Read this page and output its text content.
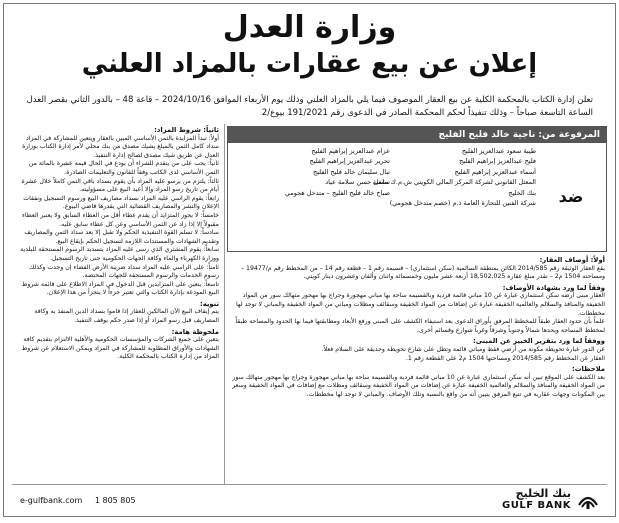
وزارة العدل
إعلان عن بيع عقارات بالمزاد العلني
تعلن إدارة الكتاب بالمحكمة الكلية عن بيع العقار الموصوف فيما يلي بالمزاد العلني وذلك يوم الأربعاء الموافق 2024/10/16 – قاعة 48 – بالدور الثاني بقصر العدل الساعة التاسعة صباحاً – وذلك تنفيذاً لحكم المحكمة الصادر في الدعوى رقم 191/2021 بيوع/2
المرفوعة من: ناجية خالد فليح الفليج
ضد
طيبة سعود عبدالعزيز الفليج
فليح عبدالعزيز إبراهيم الفليج
أسماء عبدالعزيز إبراهيم الفليج
المعثل القانوني لشركة المركز المالي الكويتي ش.م.ك مقفلة
بنك الخليج
شركة الفنين للتجارة العامة ذ.م (خصم متدخل هجومي)
عزام عبدالعزيز إبراهيم الفليج
تحرير عبدالعزيز إبراهيم الفليج
نبال سليمان خالد فليح الفليج
سلمى حسن سلامة عياد
صباح خالد فليح الفليج – متدخل هجومي
أولاً: أوصاف العقار:
يقع العقار الوثيقة رقم 2014/585 الكائن بمنطقة السالمية (سكن استثماري) – قسيمة رقم 1 – قطعة رقم 14 – من المخطط رقم م/19477 – ومساحته 1504 م2 – تقدر مبلغ عقاره 18,502,025 أربعة عشر مليون وخمسمائة واثنان وألفان وعشرون دينار كويتي.
وفقاً لما ورد بشهادة الأوصاف:
العقار مبنى أرضه سكن استثماري عبارة عن 10 مباني قائمة فردية وبالقسيمة ساحة بها مباني مهجورة وجراج بها مهجور متهالك سور من المواد الخفيفة والمنافذ والسلالم والعالمية الخفيفة عبارة عن إضافات من المواد الخفيفة وسقائف ومظلات ومباني من المواد الخفيفة والمباني لا توجد لها مخططات.
علماً بأن حدود العقار طبقاً للمخطط المرفق بأوراق الدعوى بعد استيفاء الكشف على المبنى ورفع الأبعاد ومطابقتها فيما بها الحدود والمساحة طبقاً لمخطط المساحة ويحدها شمالاً وجنوباً وشرقاً وغرباً شوارع وقسائم أخرى.
ووفقاً لما ورد بتقرير الخبير عن المبنى:
عن الدور عبارة تحويطة مكونة من أرضي فقط ومباني قائمة وتطل على شارع تحويطة وحديقة على السلام فعلاً.
العقار عن المخطط رقم 2014/585 ومساحتها 1504 م2 على القطعة رقم 1.
ملاحظات:
بعد الكشف على الموقع تبين أنه سكن استثماري عبارة عن 10 مباني قائمة فردية وبالقسيمة ساحة بها مباني مهجورة وجراج بها مهجور متهالك سور من المواد الخفيفة والمنافذ والسلالم والعالمية الخفيفة عبارة عن إضافات من المواد الخفيفة وسقائف ومظلات مع إضافات في المواد الخفيفة وسعر بين المكونات وجهات عقارية في تتبع المرفق يتبين أنه من واقع بالنسبة وتلك الأوصاف. والمباني لا توجد لها مخططات.
ثانياً: شروط المزاد:
أولاً: تبدأ المزايدة بالثمن الأساسي المبين بالعقار ويتعين للمشاركة في المزاد سداد كامل الثمن بالمبلغ بشيك مصدق من بنك محلي لأمر إدارة الكتاب بوزارة العدل عن طريق شيك مصدق لصالح إدارة التنفيذ.
ثانياً: يجب على من يتقدم للشراء أن يودع في الحال قيمة عشرة بالمائة من الثمن الأساسي لدى الكاتب وفقاً للقانون والتعليمات الصادرة.
ثالثاً: يلتزم من يرسو عليه المزاد بأن يقوم بسداد باقي الثمن كاملاً خلال عشرة أيام من تاريخ رسو المزاد وإلا أعيد البيع على مسؤوليته.
رابعاً: يقوم الراسي عليه المزاد بسداد مصاريف البيع ورسوم التسجيل ونفقات الإعلان والنشر والمصاريف القضائية التي يقدرها قاضي البيوع.
خامساً: لا يجوز المتزايد أن يقدم عطاء أقل من العطاء السابق ولا يعتبر العطاء مقبولاً إلا إذا زاد عن الثمن الأساسي وعن كل عطاء سابق عليه.
سادساً: لا تسلم القوة التنفيذية الحكم ولا تقبل إلا بعد سداد الثمن والمصاريف وتقديم الشهادات والمستندات اللازمة لتسجيل الحكم بإيقاع البيع.
سابعاً: يقوم المشتري الذي رسى عليه المزاد بتسديد الرسوم المستحقة للبلدية ووزارة الكهرباء والماء وكافة الجهات الحكومية حتى تاريخ التسجيل.
ثامناً: على الراسي عليه المزاد سداد ضريبة الأرض الفضاء إن وجدت وكذلك رسوم الخدمات والرسوم المستحقة للجهات المختصة.
تاسعاً: يتعين على المتزايدين قبل الدخول في المزاد الاطلاع على قائمة شروط البيع المودعة بإدارة الكتاب والتي تعتبر جزءاً لا يتجزأ من هذا الإعلان.
تنويه:
يتم إيقاف البيع الآن المالكين للعقار إذا قاموا بسداد الدين المنفذ به وكافة المصاريف قبل رسو المزاد أو إذا صدر حكم بوقف التنفيذ.
ملحوظة هامة:
يتعين على جميع الشركات والمؤسسات الحكومية والأهلية الالتزام بتقديم كافة الشهادات والأوراق المطلوبة للمشاركة في المزاد ويمكن الاستعلام عن شروط المزاد من إدارة الكتاب بالمحكمة الكلية.
e-gulfbank.com 1 805 805
بنك الخليج
GULF BANK
